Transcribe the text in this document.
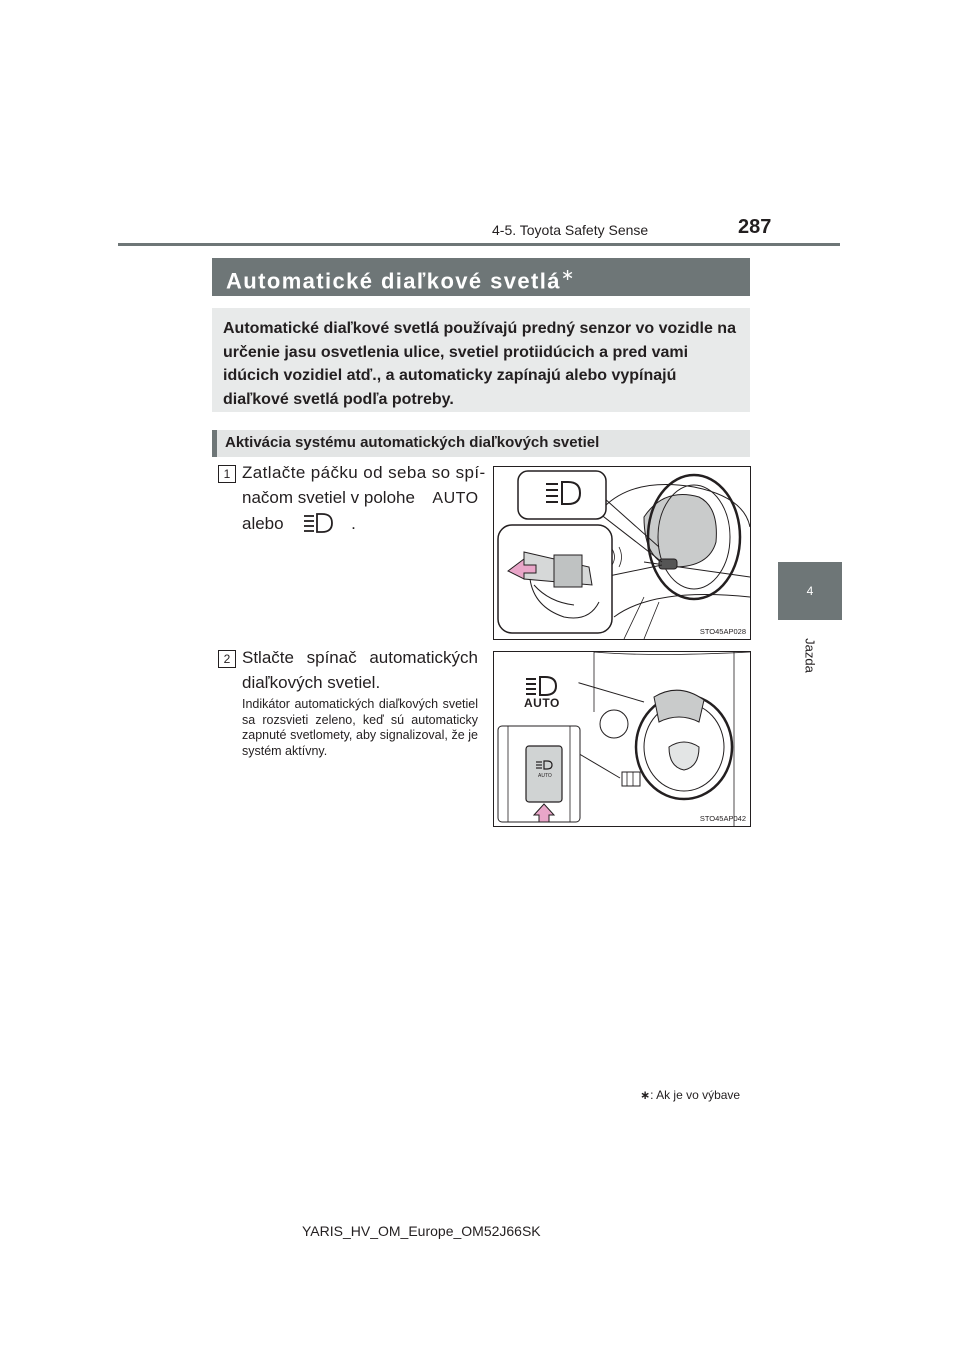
4-5. Toyota Safety Sense	287
4
Jazda
Automatické diaľkové svetlá∗

Automatické diaľkové svetlá používajú predný senzor vo vozidle na určenie jasu osvetlenia ulice, svetiel protiidúcich a pred vami idúcich vozidiel atď., a automaticky zapínajú alebo vypínajú diaľkové svetlá podľa potreby.

Aktivácia systému automatických diaľkových svetiel
1 Zatlačte páčku od seba so spí-
načom svetiel v polohe AUTO
alebo	.
STO45AP028
2 Stlačte spínač automatických diaľkových svetiel.
Indikátor automatických diaľkových svetiel sa rozsvieti zeleno, keď sú automaticky zapnuté svetlomety, aby signalizoval, že je systém aktívny.
AUTO
AUTO
STO45AP042
∗: Ak je vo výbave
YARIS_HV_OM_Europe_OM52J66SK
